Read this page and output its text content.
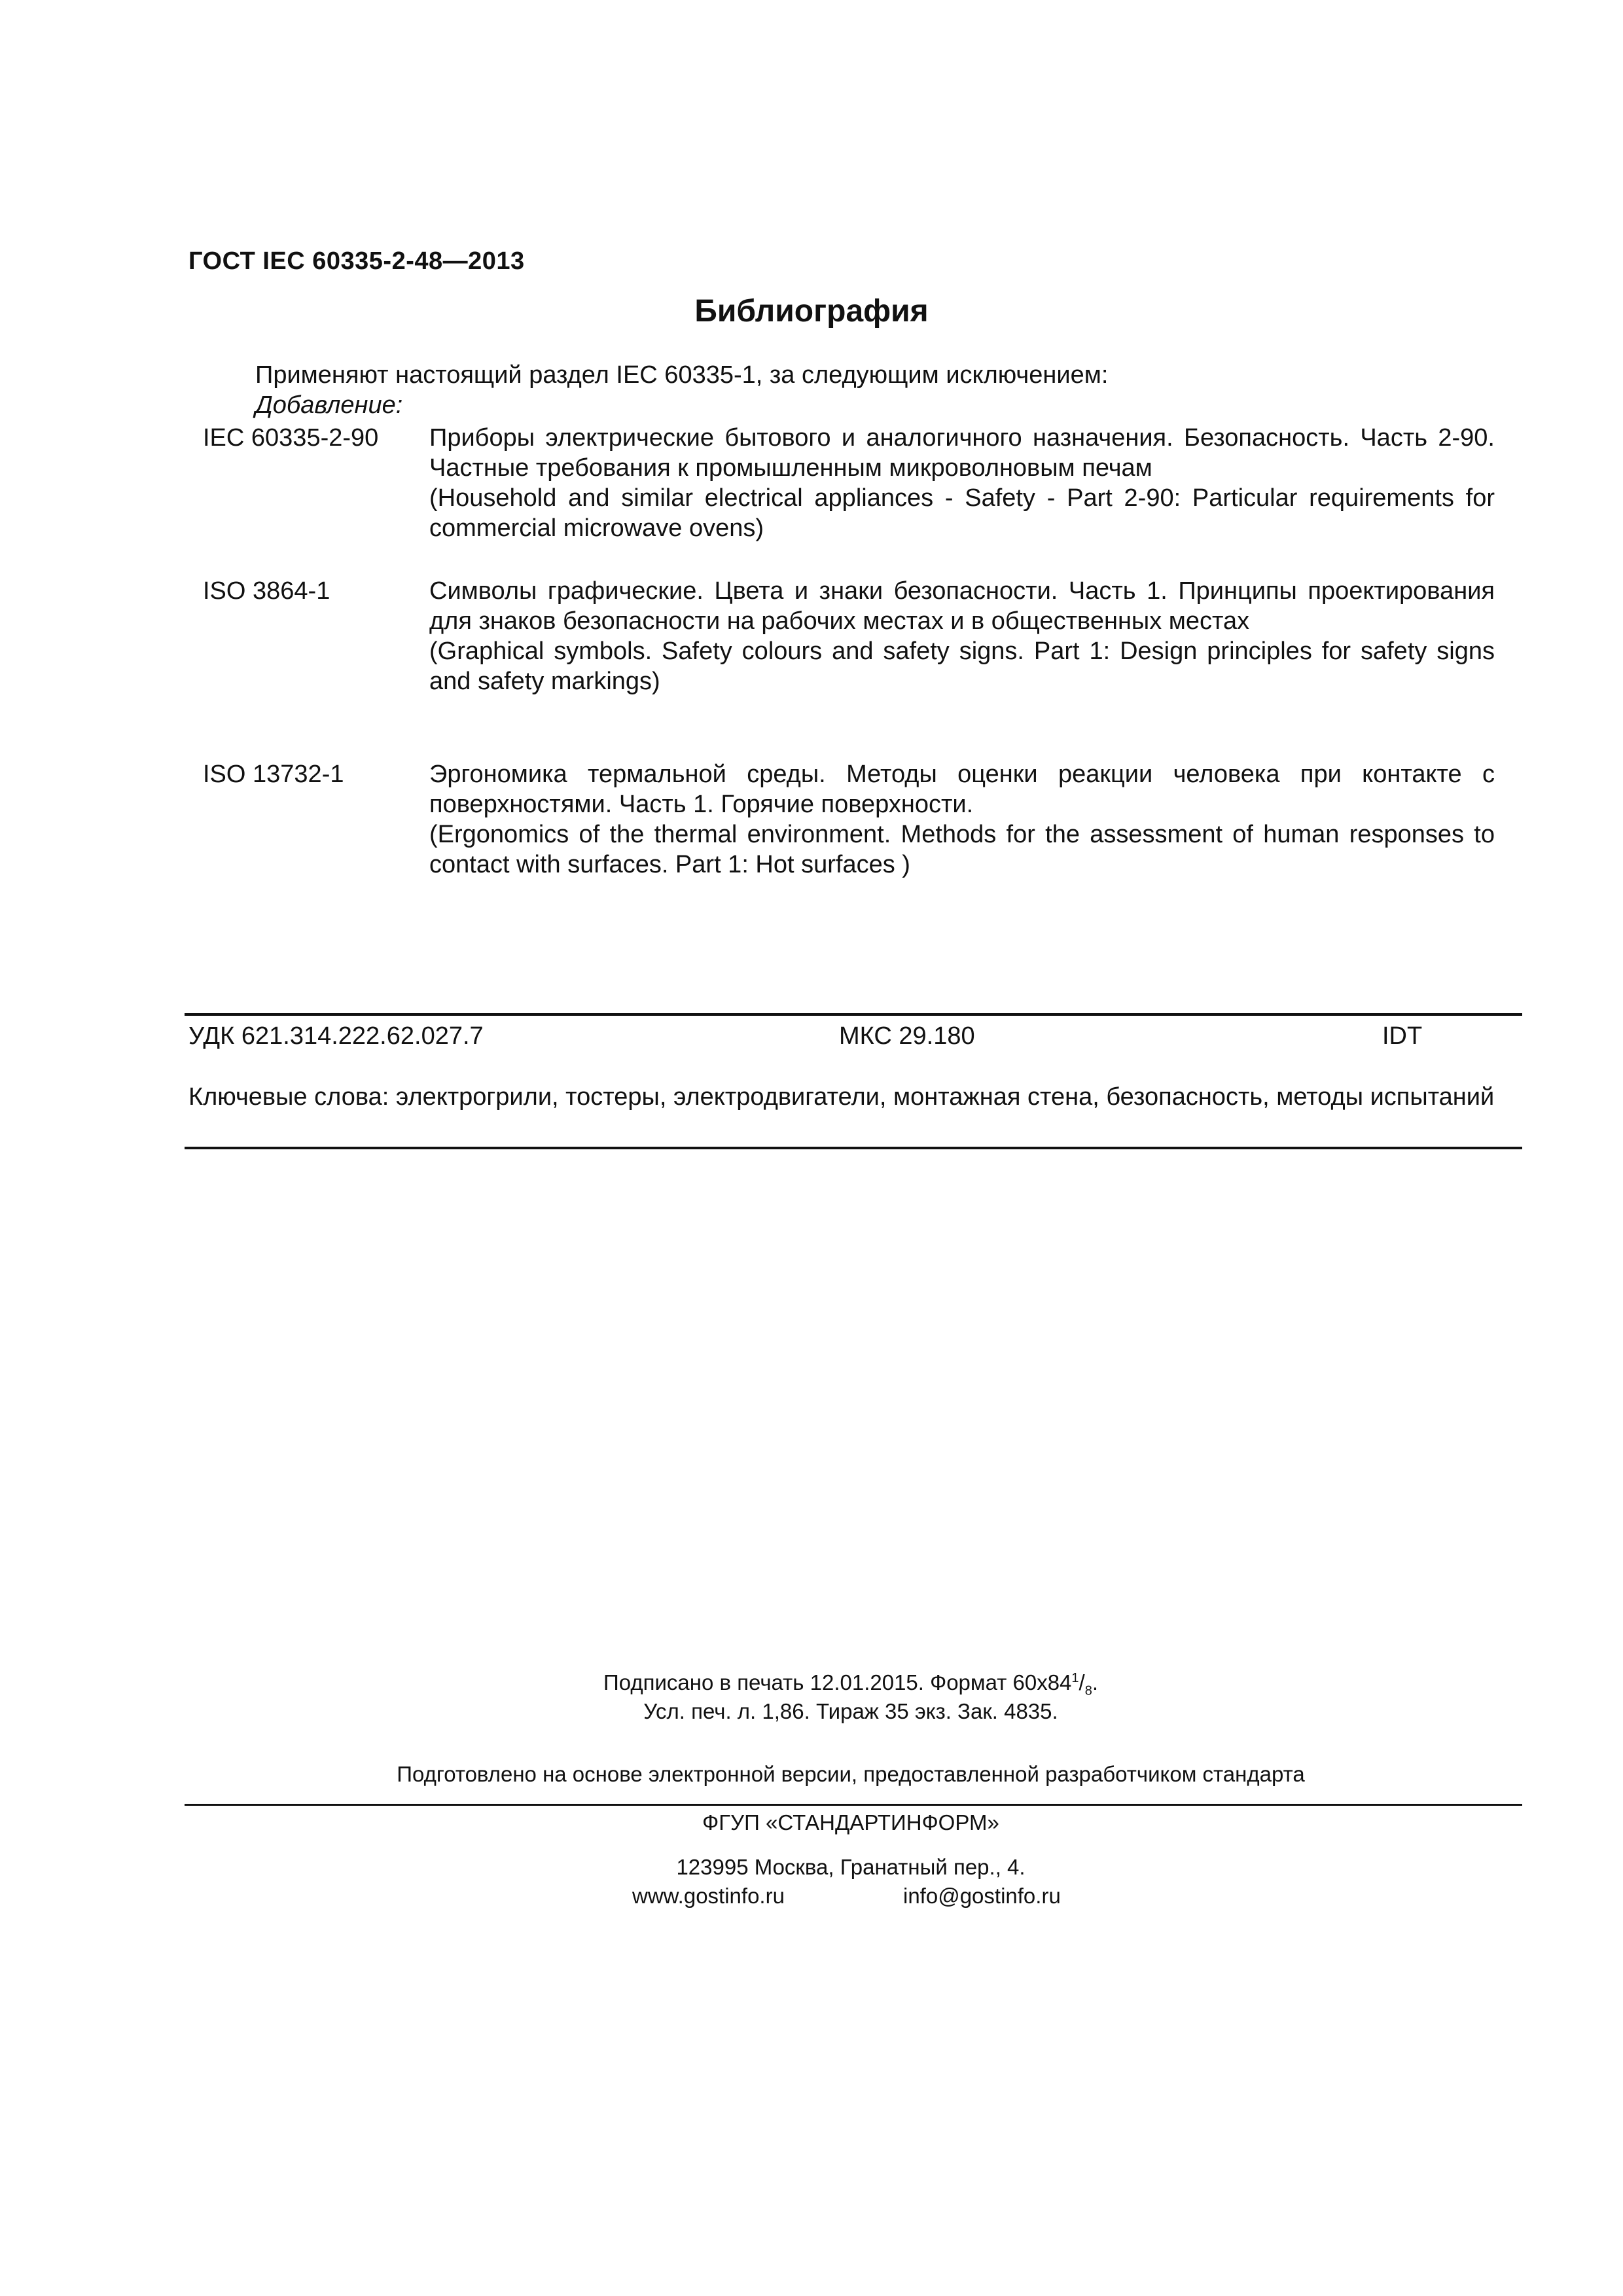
ГОСТ IEC 60335-2-48—2013
Библиография
Применяют настоящий раздел IEC 60335-1, за следующим исключением:
Добавление:
IEC 60335-2-90	Приборы электрические бытового и аналогичного назначения. Безопасность. Часть 2-90. Частные требования к промышленным микроволновым печам

(Household and similar electrical appliances - Safety - Part 2-90: Particular requirements for commercial microwave ovens)

ISO 3864-1	Символы графические. Цвета и знаки безопасности. Часть 1. Принципы проектирования для знаков безопасности на рабочих местах и в общественных местах

(Graphical symbols. Safety colours and safety signs. Part 1: Design principles for safety signs and safety markings)

ISO 13732-1	Эргономика термальной среды. Методы оценки реакции человека при контакте с поверхностями. Часть 1. Горячие поверхности.

(Ergonomics of the thermal environment. Methods for the assessment of human responses to contact with surfaces. Part 1: Hot surfaces )

УДК 621.314.222.62.027.7	МКС 29.180	IDT
Ключевые слова: электрогрили, тостеры, электродвигатели, монтажная стена, безопасность, методы испытаний
Подписано в печать 12.01.2015. Формат $60x84^1/_8$.
Усл. печ. л. 1,86. Тираж 35 экз. Зак. 4835.
Подготовлено на основе электронной версии, предоставленной разработчиком стандарта
ФГУП «СТАНДАРТИНФОРМ»
123995 Москва, Гранатный пер., 4.
www.gostinfo.ru	info@gostinfo.ru
